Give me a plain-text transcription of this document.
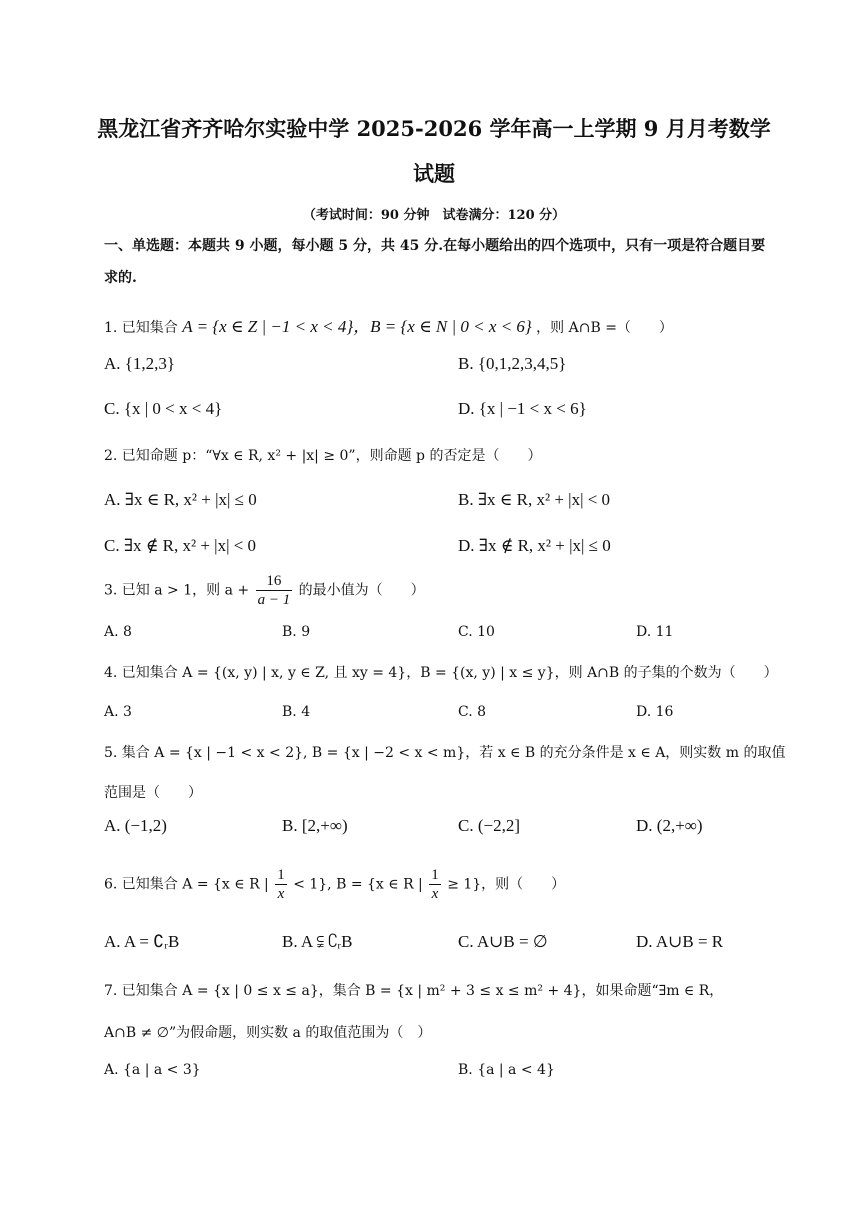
黑龙江省齐齐哈尔实验中学 2025-2026 学年高一上学期 9 月月考数学
试题
（考试时间：90 分钟　试卷满分：120 分）
一、单选题：本题共 9 小题，每小题 5 分，共 45 分.在每小题给出的四个选项中，只有一项是符合题目要求的.
1. 已知集合 A = {x ∈ Z | −1 < x < 4}，B = {x ∈ N | 0 < x < 6} ，则 A∩B =（　　）
A. {1,2,3}	B. {0,1,2,3,4,5}
C. {x | 0 < x < 4}	D. {x | −1 < x < 6}
2. 已知命题 p：“∀x ∈ R, x² + |x| ≥ 0”，则命题 p 的否定是（　　）
A. ∃x ∈ R, x² + |x| ≤ 0	B. ∃x ∈ R, x² + |x| < 0
C. ∃x ∉ R, x² + |x| < 0	D. ∃x ∉ R, x² + |x| ≤ 0
3. 已知 a > 1，则 $a + \frac{16}{a - 1}$ 的最小值为（　　）
A. 8	B. 9	C. 10	D. 11
4. 已知集合 A = {(x, y) | x, y ∈ Z, 且 xy = 4}，B = {(x, y) | x ≤ y}，则 A∩B 的子集的个数为（　　）
A. 3	B. 4	C. 8	D. 16
5. 集合 A = {x | −1 < x < 2}, B = {x | −2 < x < m}，若 x ∈ B 的充分条件是 x ∈ A，则实数 m 的取值
范围是（　　）
A. (−1,2)	B. [2,+∞)	C. (−2,2]	D. (2,+∞)
6. 已知集合 A = {x ∈ R | $\frac{1}{x} < 1$}, B = {x ∈ R | $\frac{1}{x} \ge 1$}，则（　　）
A. A = ∁ᵣB	B. A ⫋ ∁ᵣB	C. A∪B = ∅	D. A∪B = R
7. 已知集合 A = {x | 0 ≤ x ≤ a}，集合 B = {x | m² + 3 ≤ x ≤ m² + 4}，如果命题“∃m ∈ R，
A∩B ≠ ∅”为假命题，则实数 a 的取值范围为（　）
A. {a | a < 3}	B. {a | a < 4}
